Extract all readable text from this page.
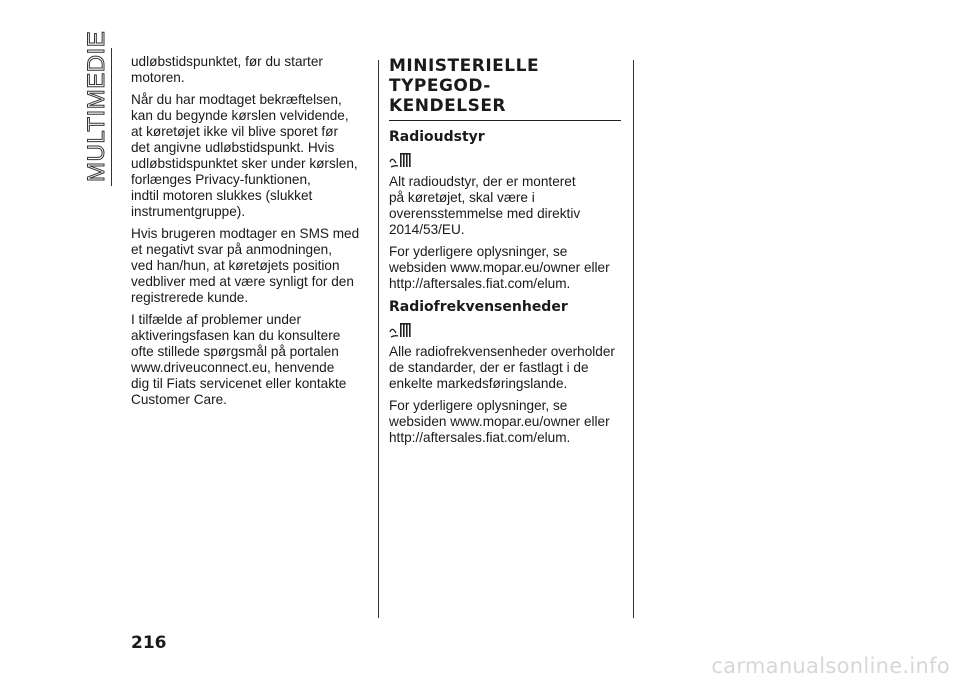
MULTIMEDIE udløbstidspunktet, før du starter
motoren.

Når du har modtaget bekræftelsen,
kan du begynde kørslen velvidende,
at køretøjet ikke vil blive sporet før
det angivne udløbstidspunkt. Hvis
udløbstidspunktet sker under kørslen,
forlænges Privacy-funktionen,
indtil motoren slukkes (slukket
instrumentgruppe).

Hvis brugeren modtager en SMS med
et negativt svar på anmodningen,
ved han/hun, at køretøjets position
vedbliver med at være synligt for den
registrerede kunde.

I tilfælde af problemer under
aktiveringsfasen kan du konsultere
ofte stillede spørgsmål på portalen
www.driveuconnect.eu, henvende
dig til Fiats servicenet eller kontakte
Customer Care.

MINISTERIELLE
TYPEGOD-
KENDELSER
Radioudstyr

Alt radioudstyr, der er monteret
på køretøjet, skal være i
overensstemmelse med direktiv
2014/53/EU.

For yderligere oplysninger, se
websiden www.mopar.eu/owner eller
http://aftersales.fiat.com/elum.

Radiofrekvensenheder

Alle radiofrekvensenheder overholder
de standarder, der er fastlagt i de
enkelte markedsføringslande.

For yderligere oplysninger, se
websiden www.mopar.eu/owner eller
http://aftersales.fiat.com/elum.

216
carmanualsonline.info
